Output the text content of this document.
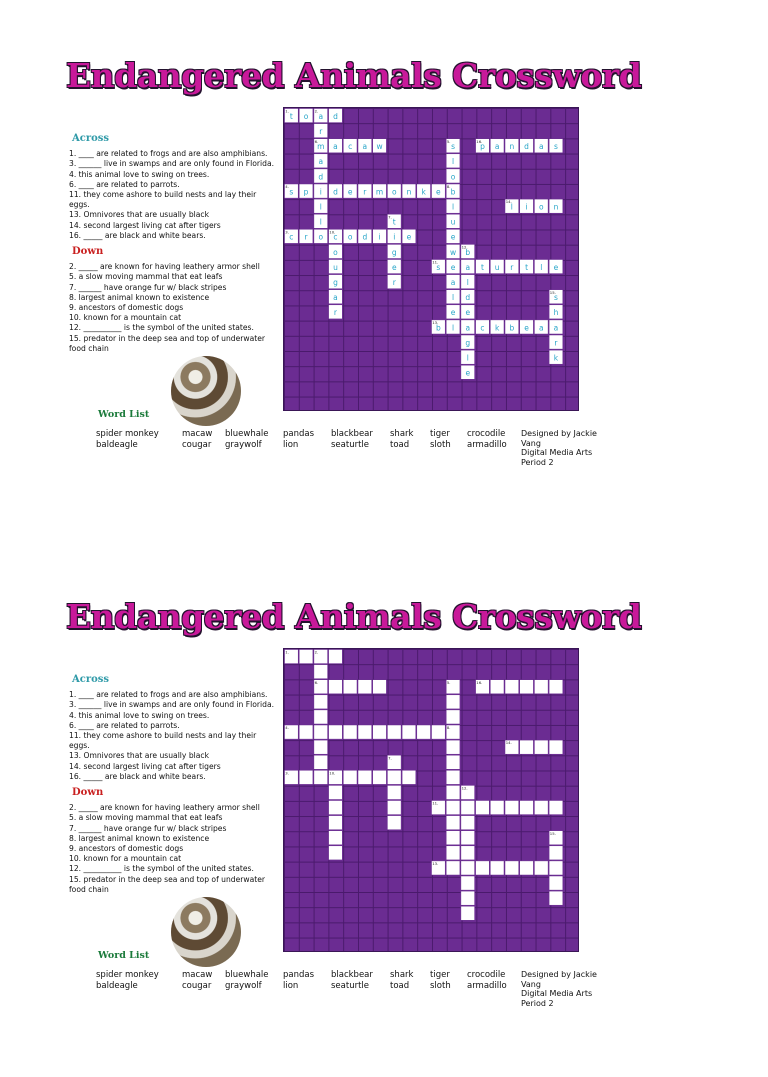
Endangered Animals Crossword
Across
1. ____ are related to frogs and are also amphibians.
3. ______ live in swamps and are only found in Florida.
4. this animal love to swing on trees.
6. ____ are related to parrots.
11. they come ashore to build nests and lay their eggs.
13. Omnivores that are usually black
14. second largest living cat after tigers
16. _____ are black and white bears.
Down
2. _____ are known for having leathery armor shell
5. a slow moving mammal that eat leafs
7. ______ have orange fur w/ black stripes
8. largest animal known to existence
9. ancestors of domestic dogs
10. known for a mountain cat
12. __________ is the symbol of the united states.
15. predator in the deep sea and top of underwater food chain
Word List
spider monkey
baldeagle
macaw
cougar
bluewhale
graywolf
pandas
lion
blackbear
seaturtle
shark
toad
tiger
sloth
crocodile
armadillo
Designed by Jackie Vang
Digital Media Arts
Period 2
t o a d
r
m
a
d
i
l
l
o
a c a w	s
l
o
b
l
p a n d a s
s p	d e r m o n k e
l i o n
c r	c o d i i e
o
u
g
a
r
t
g
e
r
u
e
w
e
a
l
e
s	a t u r t l e
b
l
d
e
a
g
l
e
b l	c k b e a a
s
h
r
k
1.	2.
6.	5.	16.
4.
14.
3.	10.
7.
8.
11.
12.
13.
15.
Endangered Animals Crossword
Across
1. ____ are related to frogs and are also amphibians.
3. ______ live in swamps and are only found in Florida.
4. this animal love to swing on trees.
6. ____ are related to parrots.
11. they come ashore to build nests and lay their eggs.
13. Omnivores that are usually black
14. second largest living cat after tigers
16. _____ are black and white bears.
Down
2. _____ are known for having leathery armor shell
5. a slow moving mammal that eat leafs
7. ______ have orange fur w/ black stripes
8. largest animal known to existence
9. ancestors of domestic dogs
10. known for a mountain cat
12. __________ is the symbol of the united states.
15. predator in the deep sea and top of underwater food chain
Word List
spider monkey
baldeagle
macaw
cougar
bluewhale
graywolf
pandas
lion
blackbear
seaturtle
shark
toad
tiger
sloth
crocodile
armadillo
Designed by Jackie Vang
Digital Media Arts
Period 2
1.	2.
6.	5.	16.
4.
14.
3.	10.
7.
8.
11.
12.
13.
15.
